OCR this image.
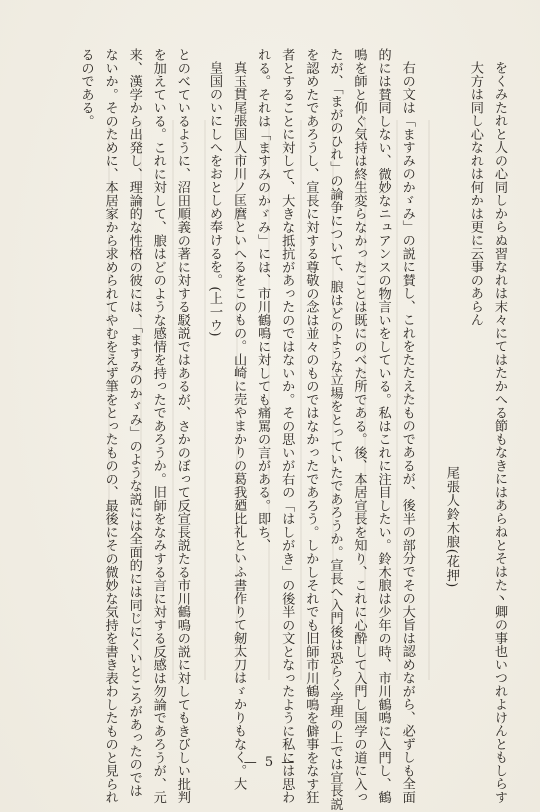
をくみたれと人の心同しからぬ習なれは末々にてはたかへる節もなきにはあらねとそはた丶卿の事也いつれよけんともしらす
大方は同し心なれは何かは更に云事のあらん
尾張人鈴木朖(花押)
右の文は「ますみのかゞみ」の説に賛し、これをたたえたものであるが、後半の部分でその大旨は認めながら、必ずしも全面
的には賛同しない、微妙なニュアンスの物言いをしている。私はこれに注目したい。鈴木朖は少年の時、市川鶴鳴に入門し、鶴
鳴を師と仰ぐ気持は終生変らなかったことは既にのべた所である。後、本居宣長を知り、これに心酔して入門し国学の道に入っ
たが、「まがのひれ」の論争について、朖はどのような立場をとっていたであろうか。宣長へ入門後は恐らく学理の上では宣長説
を認めたであろうし、宣長に対する尊敬の念は並々のものではなかったであろう。しかしそれでも旧師市川鶴鳴を僻事をなす狂
者とすることに対して、大きな抵抗があったのではないか。その思いが右の「はしがき」の後半の文となったように私には思わ
れる。それは「ますみのかゞみ」には、市川鶴鳴に対しても痛罵の言がある。即ち、
真玉貫尾張国人市川ノ匡麿といへるをこのもの。山崎に売やまかりの葛我廼比礼といふ書作りて剱太刀はゞかりもなく。大
皇国のいにしへをおとしめ奉けるを。(上一ウ)
とのべているように、沼田順義の著に対する駁説ではあるが、さかのぼって反宣長説たる市川鶴鳴の説に対してもきびしい批判
を加えている。これに対して、朖はどのような感情を持ったであろうか。旧師をなみする言に対する反感は勿論であろうが、元
来、漢学から出発し、理論的な性格の彼には、「ますみのかゞみ」のような説には全面的には同じにくいところがあったのでは
ないか。そのために、本居家から求められてやむをえず筆をとったものの、最後にその微妙な気持を書き表わしたものと見られ
るのである。
— 5 —
